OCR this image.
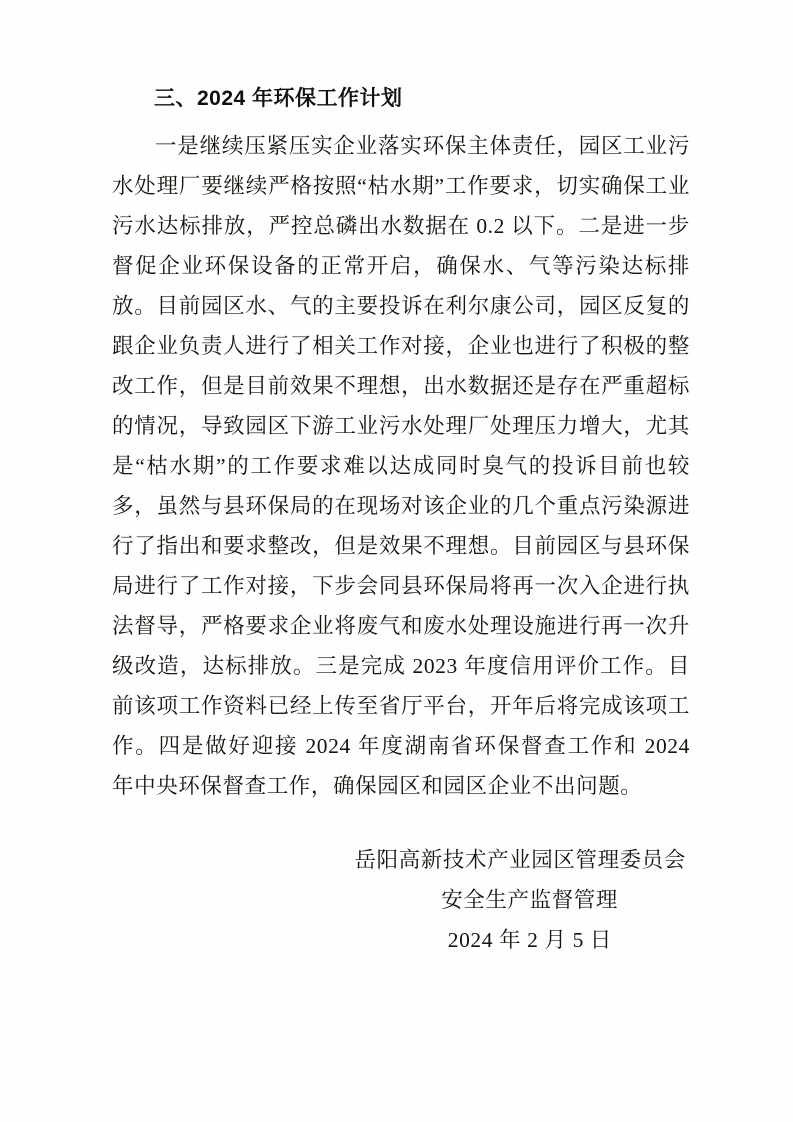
三、2024 年环保工作计划

一是继续压紧压实企业落实环保主体责任，园区工业污水处理厂要继续严格按照“枯水期”工作要求，切实确保工业污水达标排放，严控总磷出水数据在 0.2 以下。二是进一步督促企业环保设备的正常开启，确保水、气等污染达标排放。目前园区水、气的主要投诉在利尔康公司，园区反复的跟企业负责人进行了相关工作对接，企业也进行了积极的整改工作，但是目前效果不理想，出水数据还是存在严重超标的情况，导致园区下游工业污水处理厂处理压力增大，尤其是“枯水期”的工作要求难以达成同时臭气的投诉目前也较多，虽然与县环保局的在现场对该企业的几个重点污染源进行了指出和要求整改，但是效果不理想。目前园区与县环保局进行了工作对接，下步会同县环保局将再一次入企进行执法督导，严格要求企业将废气和废水处理设施进行再一次升级改造，达标排放。三是完成 2023 年度信用评价工作。目前该项工作资料已经上传至省厅平台，开年后将完成该项工作。四是做好迎接 2024 年度湖南省环保督查工作和 2024 年中央环保督查工作，确保园区和园区企业不出问题。

岳阳高新技术产业园区管理委员会
安全生产监督管理
2024 年 2 月 5 日
